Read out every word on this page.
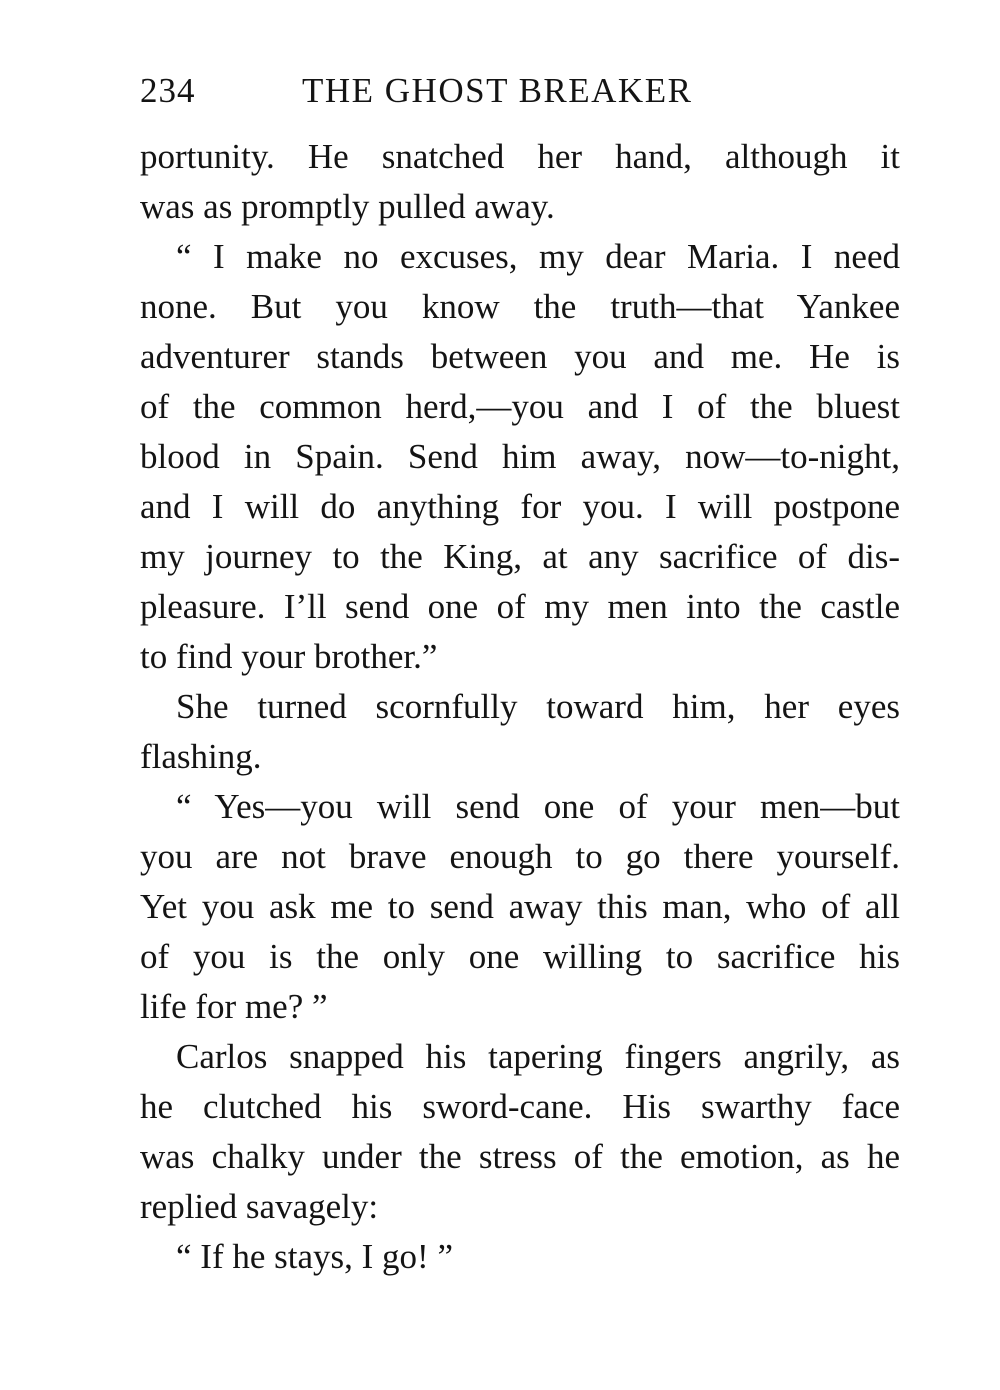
234	THE GHOST BREAKER
portunity. He snatched her hand, although it
was as promptly pulled away.
“ I make no excuses, my dear Maria. I need
none. But you know the truth—that Yankee
adventurer stands between you and me. He is
of the common herd,—you and I of the bluest
blood in Spain. Send him away, now—to-night,
and I will do anything for you. I will postpone
my journey to the King, at any sacrifice of dis-
pleasure. I’ll send one of my men into the castle
to find your brother.”
She turned scornfully toward him, her eyes
flashing.
“ Yes—you will send one of your men—but
you are not brave enough to go there yourself.
Yet you ask me to send away this man, who of all
of you is the only one willing to sacrifice his
life for me? ”
Carlos snapped his tapering fingers angrily, as
he clutched his sword-cane. His swarthy face
was chalky under the stress of the emotion, as he
replied savagely:
“ If he stays, I go! ”
